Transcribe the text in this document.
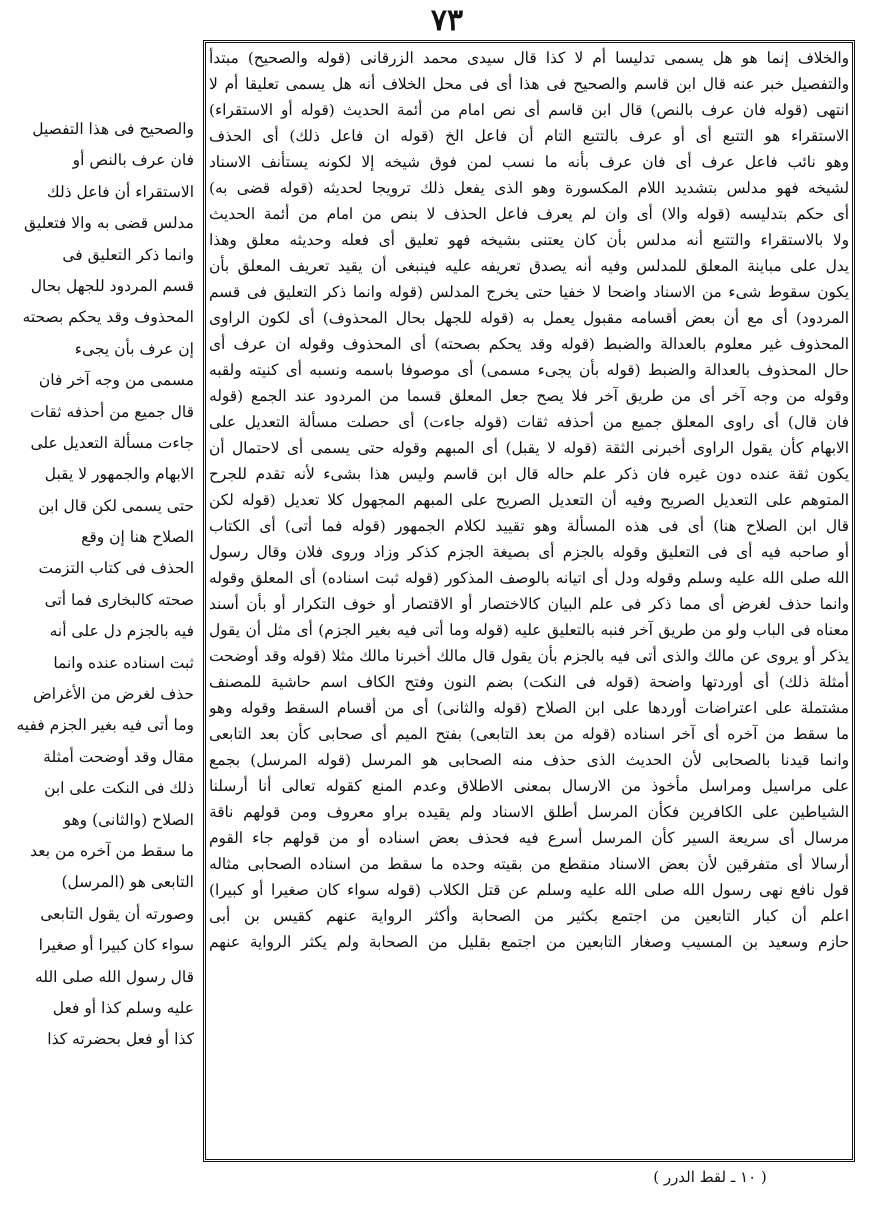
٧٣
والصحيح فى هذا التفصيل
فان عرف بالنص أو
الاستقراء أن فاعل ذلك
مدلس قضى به والا فتعليق
وانما ذكر التعليق فى
قسم المردود للجهل بحال
المحذوف وقد يحكم بصحته
إن عرف بأن يجىء
مسمى من وجه آخر فان
قال جميع من أحذفه ثقات
جاءت مسألة التعديل على
الابهام والجمهور لا يقبل
حتى يسمى لكن قال ابن
الصلاح هنا إن وقع
الحذف فى كتاب التزمت
صحته كالبخارى فما أتى
فيه بالجزم دل على أنه
ثبت اسناده عنده وانما
حذف لغرض من الأغراض
وما أتى فيه بغير الجزم ففيه
مقال وقد أوضحت أمثلة
ذلك فى النكت على ابن
الصلاح (والثانى) وهو
ما سقط من آخره من بعد
التابعى هو (المرسل)
وصورته أن يقول التابعى
سواء كان كبيرا أو صغيرا
قال رسول الله صلى الله
عليه وسلم كذا أو فعل
كذا أو فعل بحضرته كذا
والخلاف إنما هو هل يسمى تدليسا أم لا كذا قال سيدى محمد الزرقانى (قوله والصحيح) مبتدأ
والتفصيل خبر عنه قال ابن قاسم والصحيح فى هذا أى فى محل الخلاف أنه هل يسمى تعليقا أم لا
انتهى (قوله فان عرف بالنص) قال ابن قاسم أى نص امام من أئمة الحديث (قوله أو الاستقراء)
الاستقراء هو التتبع أى أو عرف بالتتبع التام أن فاعل الخ (قوله ان فاعل ذلك) أى الحذف
وهو نائب فاعل عرف أى فان عرف بأنه ما نسب لمن فوق شيخه إلا لكونه يستأنف الاسناد
لشيخه فهو مدلس بتشديد اللام المكسورة وهو الذى يفعل ذلك ترويجا لحديثه (قوله قضى به)
أى حكم بتدليسه (قوله والا) أى وان لم يعرف فاعل الحذف لا بنص من امام من أئمة الحديث
ولا بالاستقراء والتتبع أنه مدلس بأن كان يعتنى بشيخه فهو تعليق أى فعله وحديثه معلق وهذا
يدل على مباينة المعلق للمدلس وفيه أنه يصدق تعريفه عليه فينبغى أن يقيد تعريف المعلق بأن
يكون سقوط شىء من الاسناد واضحا لا خفيا حتى يخرج المدلس (قوله وانما ذكر التعليق فى قسم
المردود) أى مع أن بعض أقسامه مقبول يعمل به (قوله للجهل بحال المحذوف) أى لكون الراوى
المحذوف غير معلوم بالعدالة والضبط (قوله وقد يحكم بصحته) أى المحذوف وقوله ان عرف أى
حال المحذوف بالعدالة والضبط (قوله بأن يجىء مسمى) أى موصوفا باسمه ونسبه أى كنيته ولقبه
وقوله من وجه آخر أى من طريق آخر فلا يصح جعل المعلق قسما من المردود عند الجمع (قوله
فان قال) أى راوى المعلق جميع من أحذفه ثقات (قوله جاءت) أى حصلت مسألة التعديل على
الابهام كأن يقول الراوى أخبرنى الثقة (قوله لا يقبل) أى المبهم وقوله حتى يسمى أى لاحتمال أن
يكون ثقة عنده دون غيره فان ذكر علم حاله قال ابن قاسم وليس هذا بشىء لأنه تقدم للجرح
المتوهم على التعديل الصريح وفيه أن التعديل الصريح على المبهم المجهول كلا تعديل (قوله لكن
قال ابن الصلاح هنا) أى فى هذه المسألة وهو تقييد لكلام الجمهور (قوله فما أتى) أى الكتاب
أو صاحبه فيه أى فى التعليق وقوله بالجزم أى بصيغة الجزم كذكر وزاد وروى فلان وقال رسول
الله صلى الله عليه وسلم وقوله ودل أى اتيانه بالوصف المذكور (قوله ثبت اسناده) أى المعلق وقوله
وانما حذف لغرض أى مما ذكر فى علم البيان كالاختصار أو الاقتصار أو خوف التكرار أو بأن أسند
معناه فى الباب ولو من طريق آخر فنبه بالتعليق عليه (قوله وما أتى فيه بغير الجزم) أى مثل أن يقول
يذكر أو يروى عن مالك والذى أتى فيه بالجزم بأن يقول قال مالك أخبرنا مالك مثلا (قوله وقد أوضحت
أمثلة ذلك) أى أوردتها واضحة (قوله فى النكت) بضم النون وفتح الكاف اسم حاشية للمصنف
مشتملة على اعتراضات أوردها على ابن الصلاح (قوله والثانى) أى من أقسام السقط وقوله وهو
ما سقط من آخره أى آخر اسناده (قوله من بعد التابعى) بفتح الميم أى صحابى كأن بعد التابعى
وانما قيدنا بالصحابى لأن الحديث الذى حذف منه الصحابى هو المرسل (قوله المرسل) بجمع
على مراسيل ومراسل مأخوذ من الارسال بمعنى الاطلاق وعدم المنع كقوله تعالى أنا أرسلنا
الشياطين على الكافرين فكأن المرسل أطلق الاسناد ولم يقيده براو معروف ومن قولهم ناقة
مرسال أى سريعة السير كأن المرسل أسرع فيه فحذف بعض اسناده أو من قولهم جاء القوم
أرسالا أى متفرقين لأن بعض الاسناد منقطع من بقيته وحده ما سقط من اسناده الصحابى مثاله
قول نافع نهى رسول الله صلى الله عليه وسلم عن قتل الكلاب (قوله سواء كان صغيرا أو كبيرا)
اعلم أن كبار التابعين من اجتمع بكثير من الصحابة وأكثر الرواية عنهم كقيس بن أبى
حازم وسعيد بن المسيب وصغار التابعين من اجتمع بقليل من الصحابة ولم يكثر الرواية عنهم
( ١٠ ـ لقط الدرر )
